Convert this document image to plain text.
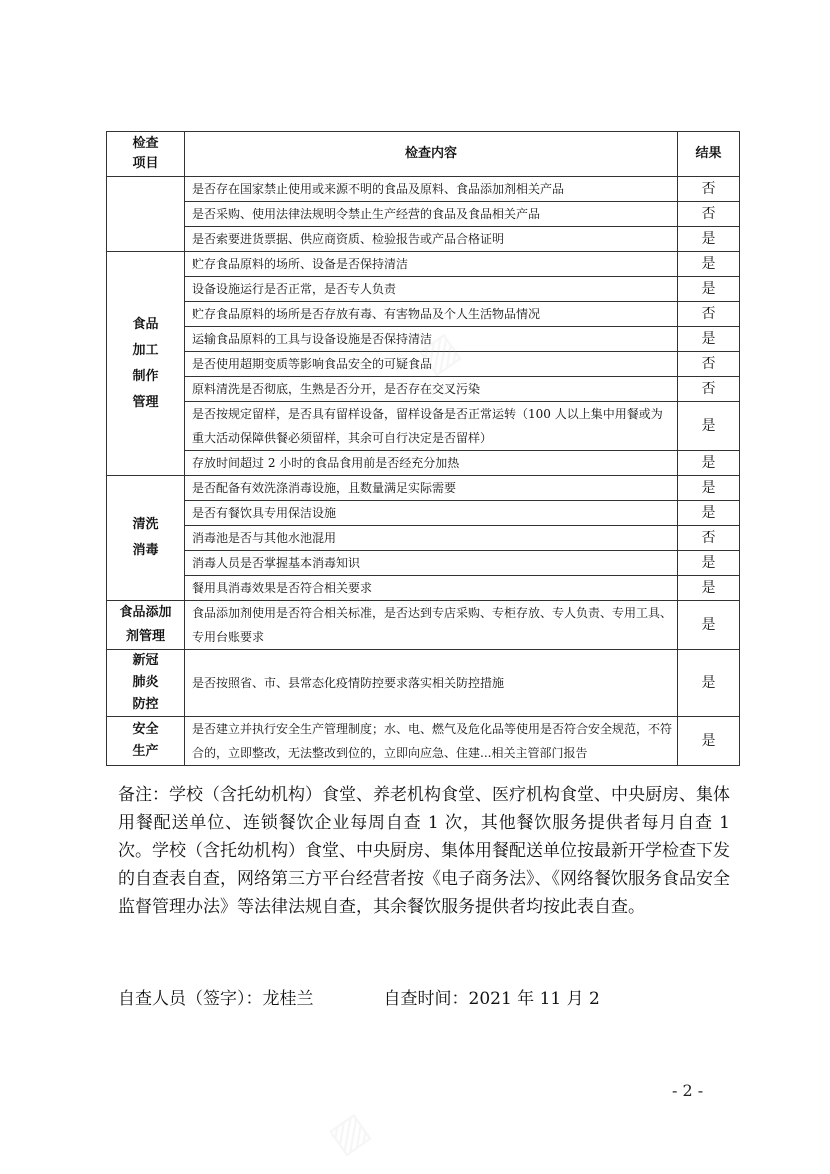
检查
项目	检查内容	结果
	是否存在国家禁止使用或来源不明的食品及原料、食品添加剂相关产品	否
	是否采购、使用法律法规明令禁止生产经营的食品及食品相关产品	否
	是否索要进货票据、供应商资质、检验报告或产品合格证明	是
食品加工制作管理	贮存食品原料的场所、设备是否保持清洁	是
	设备设施运行是否正常，是否专人负责	是
	贮存食品原料的场所是否存放有毒、有害物品及个人生活物品情况	否
	运输食品原料的工具与设备设施是否保持清洁	是
	是否使用超期变质等影响食品安全的可疑食品	否
	原料清洗是否彻底，生熟是否分开，是否存在交叉污染	否
	是否按规定留样，是否具有留样设备，留样设备是否正常运转（100 人以上集中用餐或为重大活动保障供餐必须留样，其余可自行决定是否留样）	是
	存放时间超过 2 小时的食品食用前是否经充分加热	是
清洗消毒	是否配备有效洗涤消毒设施，且数量满足实际需要	是
	是否有餐饮具专用保洁设施	是
	消毒池是否与其他水池混用	否
	消毒人员是否掌握基本消毒知识	是
	餐用具消毒效果是否符合相关要求	是
食品添加剂管理	食品添加剂使用是否符合相关标准，是否达到专店采购、专柜存放、专人负责、专用工具、专用台账要求	是
新冠肺炎防控	是否按照省、市、县常态化疫情防控要求落实相关防控措施	是
安全生产	是否建立并执行安全生产管理制度；水、电、燃气及危化品等使用是否符合安全规范，不符合的，立即整改，无法整改到位的，立即向应急、住建...相关主管部门报告	是

备注：学校（含托幼机构）食堂、养老机构食堂、医疗机构食堂、中央厨房、集体用餐配送单位、连锁餐饮企业每周自查 1 次，其他餐饮服务提供者每月自查 1 次。学校（含托幼机构）食堂、中央厨房、集体用餐配送单位按最新开学检查下发的自查表自查，网络第三方平台经营者按《电子商务法》、《网络餐饮服务食品安全监督管理办法》等法律法规自查，其余餐饮服务提供者均按此表自查。

自查人员（签字）：龙桂兰	自查时间：2021 年 11 月 2
- 2 -
▨
▨
